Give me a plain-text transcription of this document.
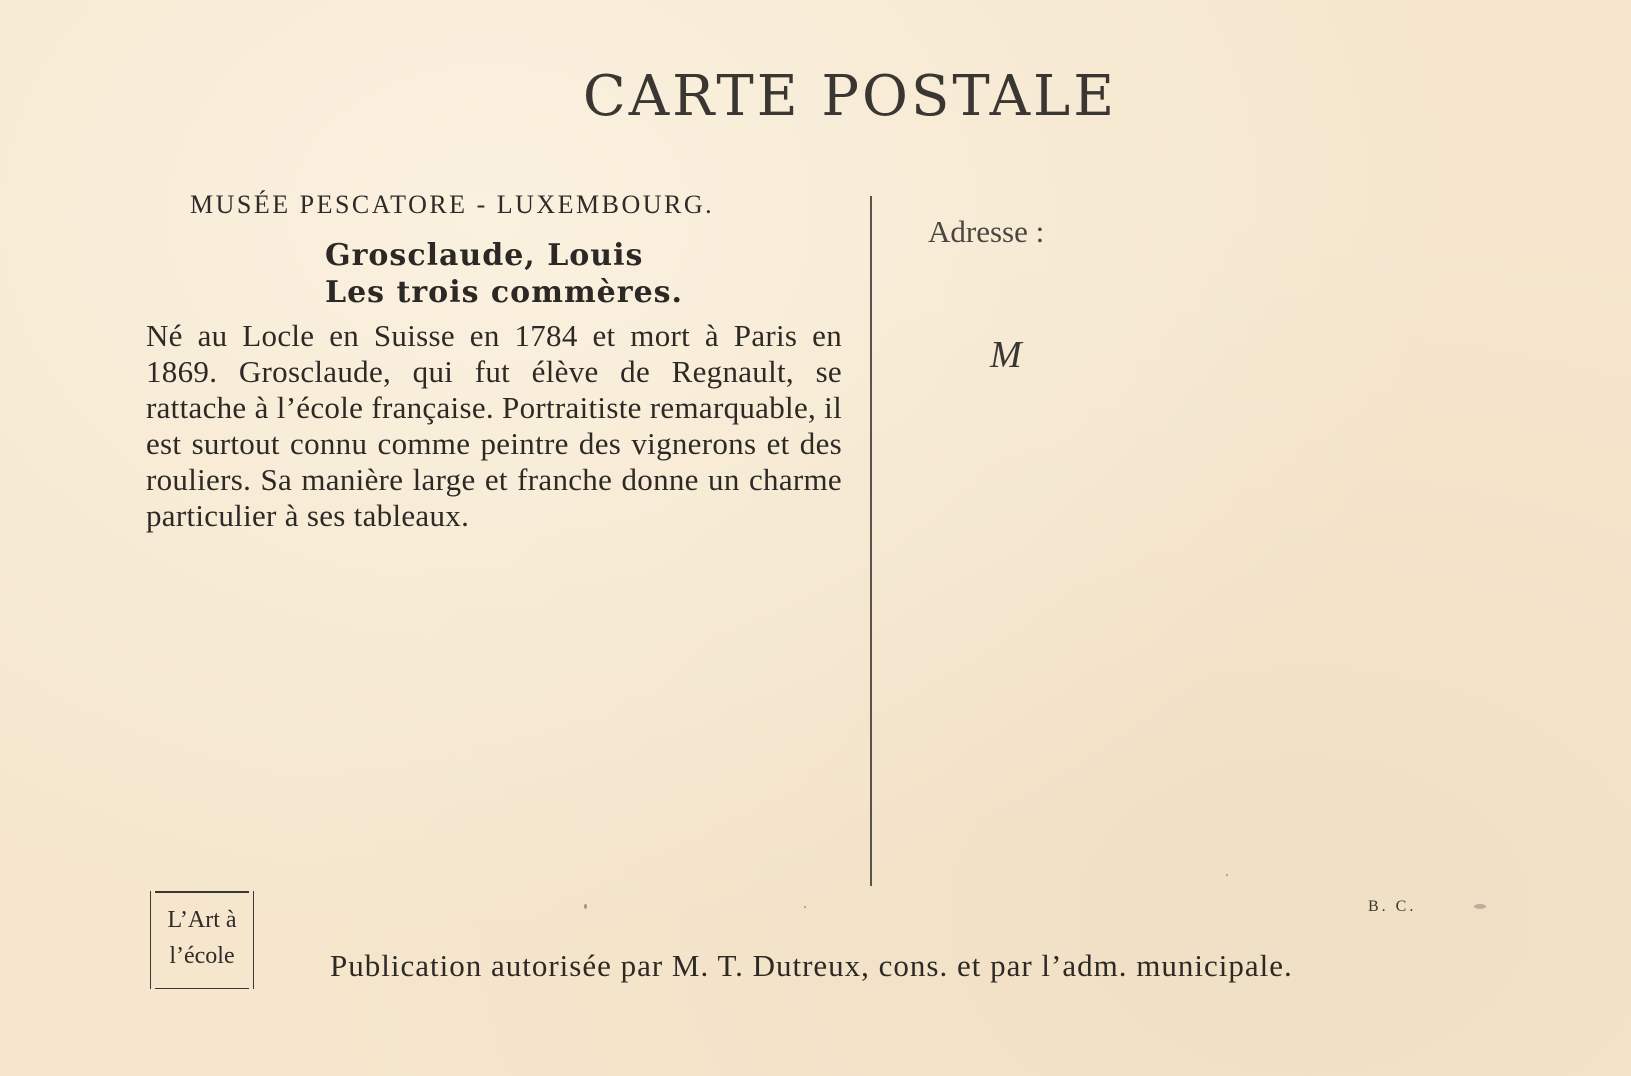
CARTE POSTALE
MUSÉE PESCATORE - LUXEMBOURG.
Grosclaude, Louis
Les trois commères.
Né au Locle en Suisse en 1784 et mort à Paris en 1869. Grosclaude, qui fut élève de Regnault, se rattache à l’école française. Portraitiste remarquable, il est surtout connu comme peintre des vignerons et des rouliers. Sa manière large et franche donne un charme particulier à ses tableaux.
Adresse :
M
L’Art à
l’école
B. C.
Publication autorisée par M. T. Dutreux, cons. et par l’adm. municipale.
